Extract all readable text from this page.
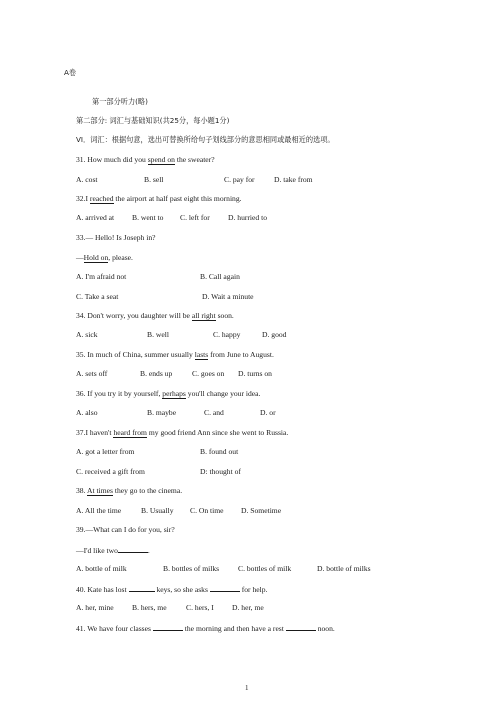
A卷
第一部分听力(略)
第二部分: 词汇与基础知识(共25分，每小题1分)
VI．词汇：根据句意，选出可替换所给句子划线部分的意思相同或最相近的选项。
31. How much did you spend on the sweater?
A. cost	B. sell	C. pay for	D. take from
32.I reached the airport at half past eight this morning.
A. arrived at B. went to C. left for D. hurried to
33.— Hello! Is Joseph in?
—Hold on, please.
A. I'm afraid not	B. Call again
C. Take a seat	D. Wait a minute
34. Don't worry, you daughter will be all right soon.
A. sick	B. well	C. happy	D. good
35. In much of China, summer usually lasts from June to August.
A. sets off	B. ends up	C. goes on D. turns on
36. If you try it by yourself, perhaps you'll change your idea.
A. also	B. maybe	C. and	D. or
37.I haven't heard from my good friend Ann since she went to Russia.
A. got a letter from	B. found out
C. received a gift from	D: thought of
38. At times they go to the cinema.
A. All the time	B. Usually C. On time D. Sometime
39.—What can I do for you, sir?
—I'd like two	.
A. bottle of milk	B. bottles of milks C. bottles of milk	D. bottle of milks
40. Kate has lost	keys, so she asks	for help.
A. her, mine B. hers, me	C. hers, I D. her, me
41. We have four classes	the morning and then have a rest	noon.
1
